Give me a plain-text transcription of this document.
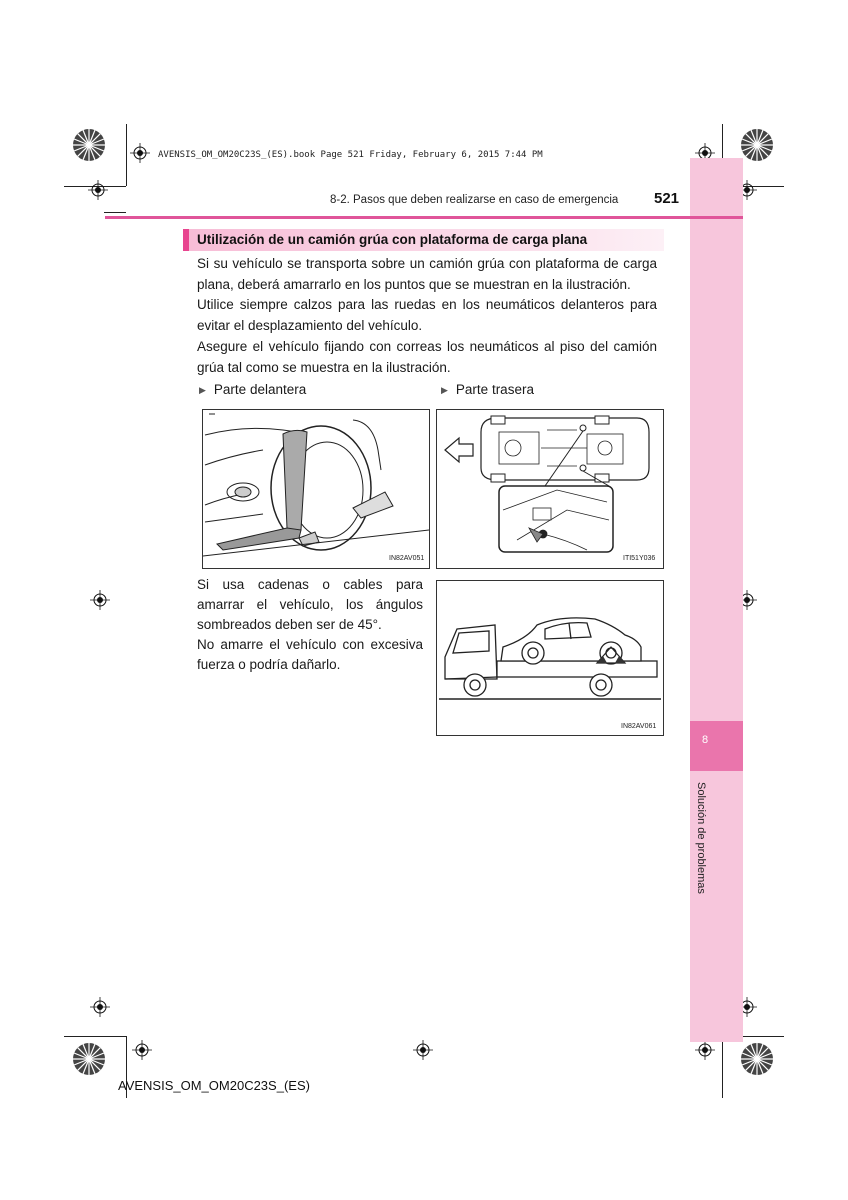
AVENSIS_OM_OM20C23S_(ES).book Page 521 Friday, February 6, 2015 7:44 PM
8
Solución de problemas
8-2. Pasos que deben realizarse en caso de emergencia 521
Utilización de un camión grúa con plataforma de carga plana
Si su vehículo se transporta sobre un camión grúa con plataforma de carga plana, deberá amarrarlo en los puntos que se muestran en la ilustración.
Utilice siempre calzos para las ruedas en los neumáticos delanteros para evitar el desplazamiento del vehículo.
Asegure el vehículo fijando con correas los neumáticos al piso del camión grúa tal como se muestra en la ilustración.
▶ Parte delantera	▶ Parte trasera
IN82AV051	ITI51Y036
Si usa cadenas o cables para amarrar el vehículo, los ángulos sombreados deben ser de 45°.
No amarre el vehículo con excesiva fuerza o podría dañarlo.
IN82AV061
AVENSIS_OM_OM20C23S_(ES)
